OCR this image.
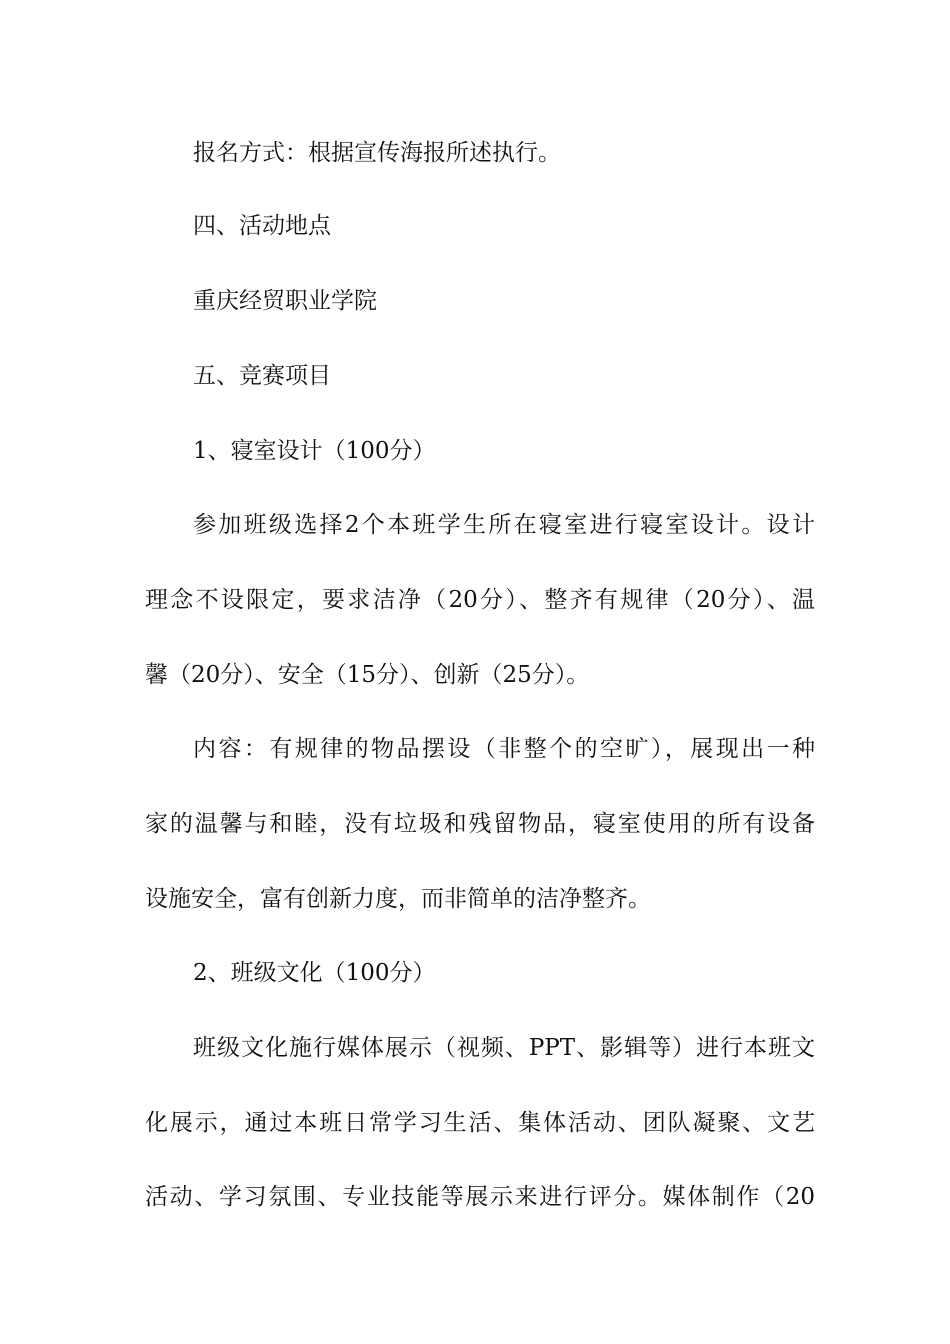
报名方式：根据宣传海报所述执行。
四、活动地点
重庆经贸职业学院
五、竞赛项目
1、寝室设计（100分）
参加班级选择2个本班学生所在寝室进行寝室设计。设计
理念不设限定，要求洁净（20分）、整齐有规律（20分）、温
馨（20分）、安全（15分）、创新（25分）。
内容：有规律的物品摆设（非整个的空旷），展现出一种
家的温馨与和睦，没有垃圾和残留物品，寝室使用的所有设备
设施安全，富有创新力度，而非简单的洁净整齐。
2、班级文化（100分）
班级文化施行媒体展示（视频、PPT、影辑等）进行本班文
化展示，通过本班日常学习生活、集体活动、团队凝聚、文艺
活动、学习氛围、专业技能等展示来进行评分。媒体制作（20
